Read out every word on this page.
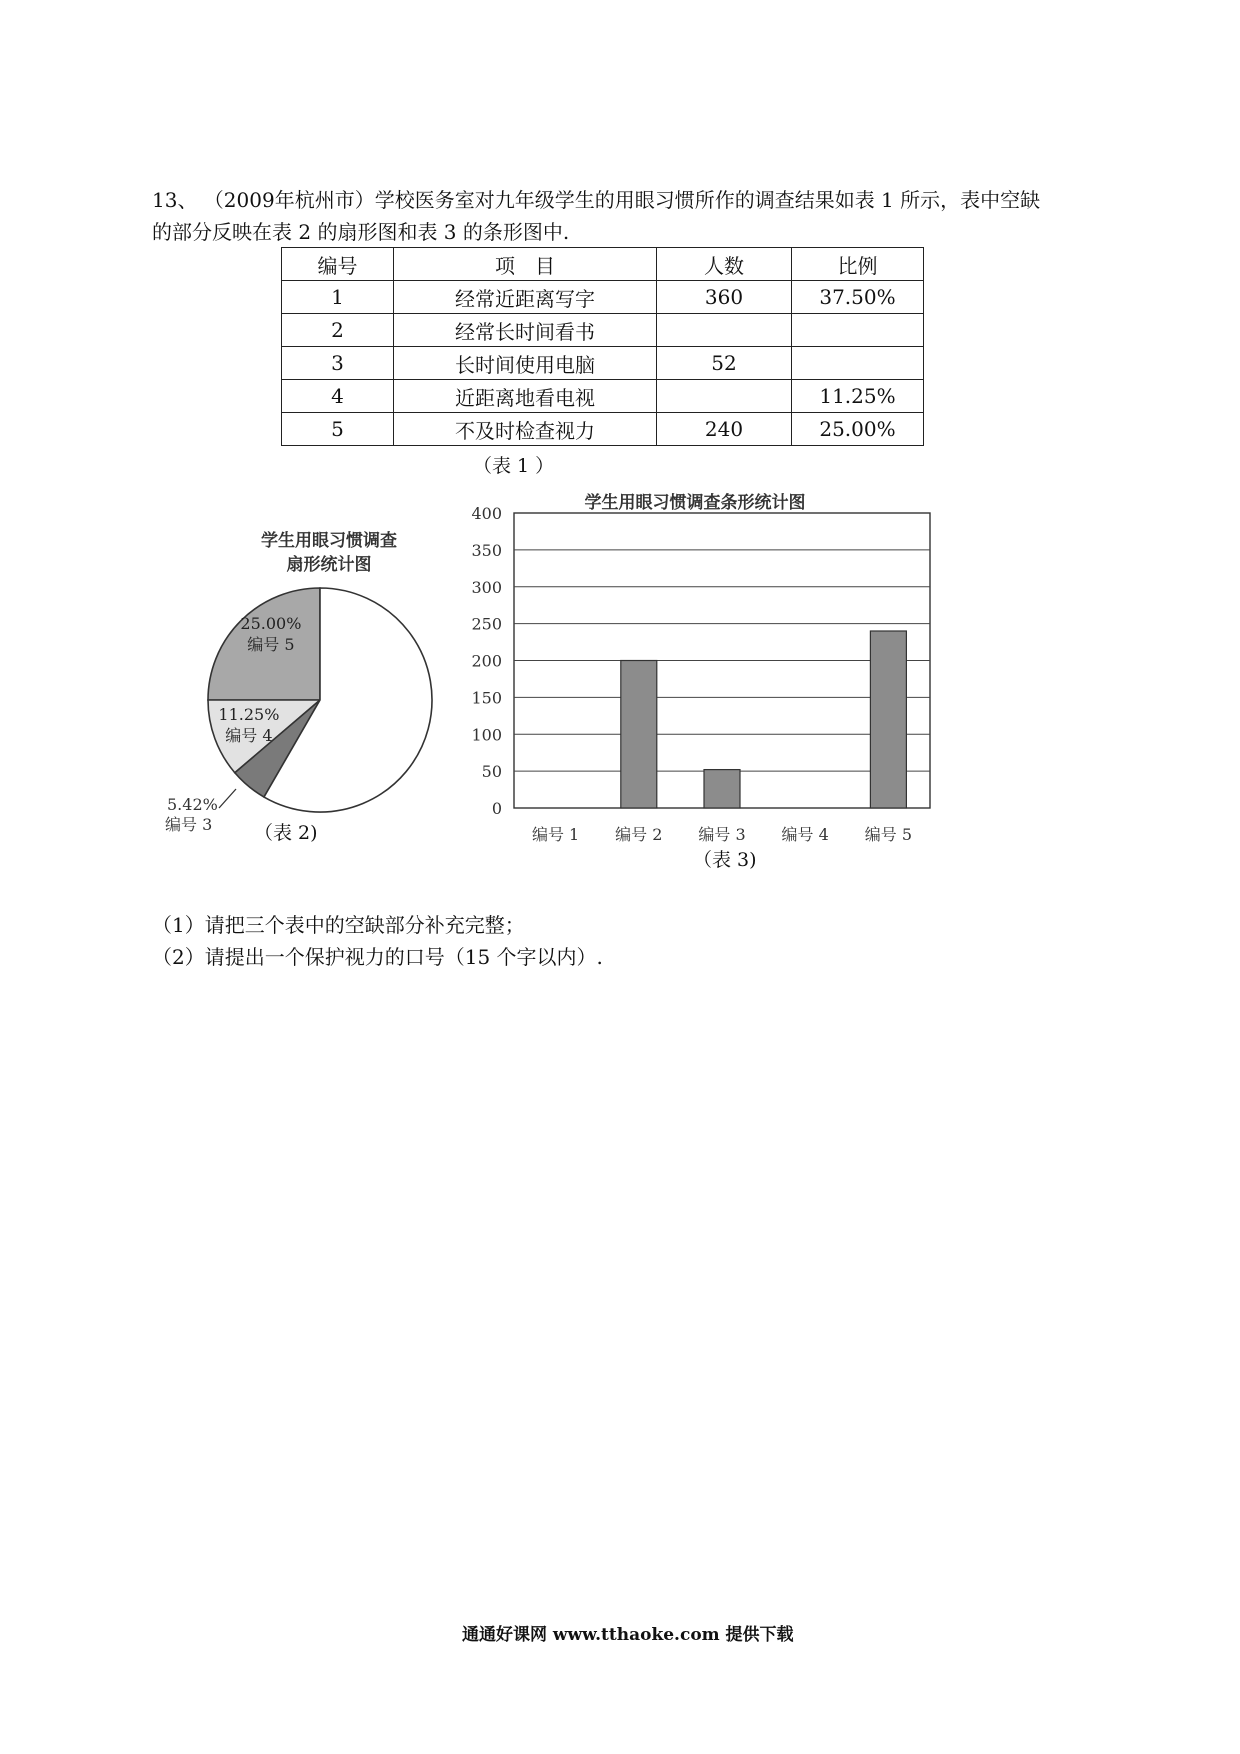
13、 （2009年杭州市）学校医务室对九年级学生的用眼习惯所作的调查结果如表 1 所示，表中空缺
的部分反映在表 2 的扇形图和表 3 的条形图中.
编号	项　目	人数	比例
1	经常近距离写字	360	37.50%
2	经常长时间看书		
3	长时间使用电脑	52	
4	近距离地看电视		11.25%
5	不及时检查视力	240	25.00%
（表 1 ）
学生用眼习惯调查
扇形统计图
25.00%
编号 5
11.25%
编号 4
5.42%
编号 3
学生用眼习惯调查条形统计图
0
50
100
150
200
250
300
350
400
编号 1 编号 2 编号 3 编号 4 编号 5
（表 2)
（表 3)
（1）请把三个表中的空缺部分补充完整；
（2）请提出一个保护视力的口号（15 个字以内）.
通通好课网 www.tthaoke.com 提供下载
